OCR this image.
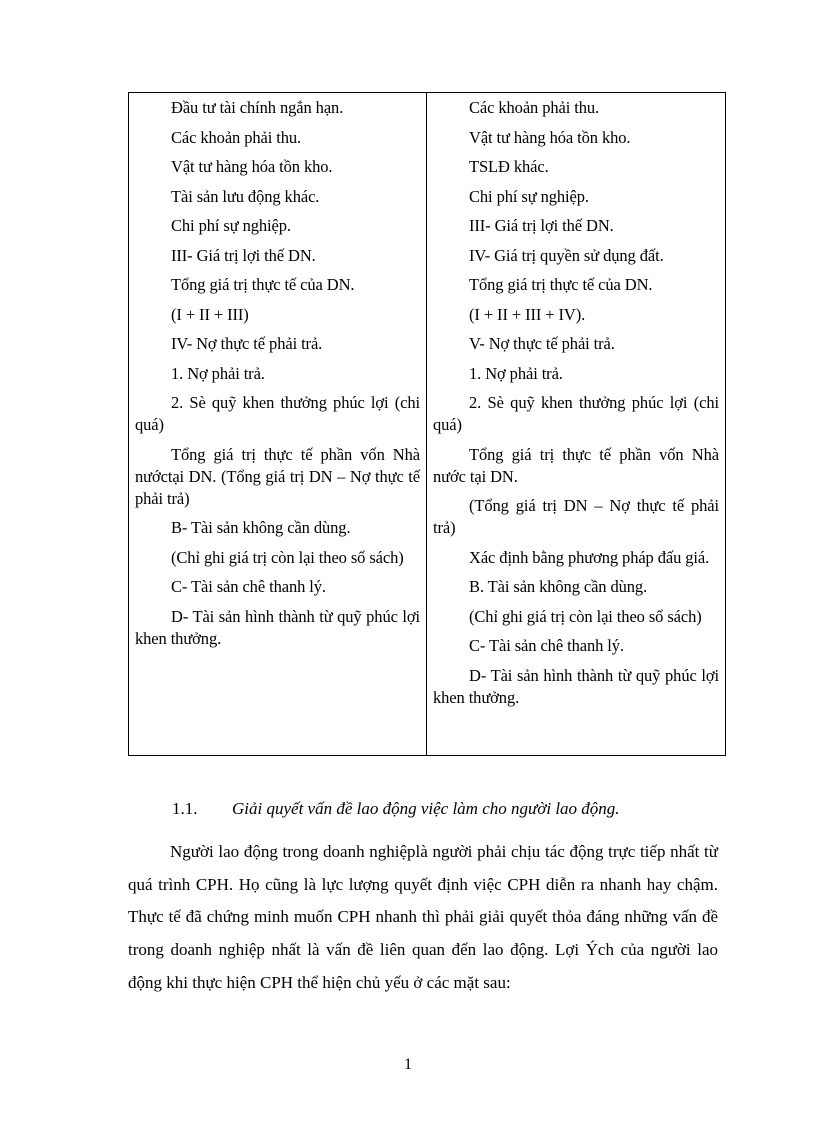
Đầu tư tài chính ngắn hạn.
Các khoản phải thu.
Vật tư hàng hóa tồn kho.
Tài sản lưu động khác.
Chi phí sự nghiệp.
III- Giá trị lợi thế DN.
Tổng giá trị thực tế của DN.
(I + II + III)
IV- Nợ thực tế phải trả.
1. Nợ phải trả.
2. Sè quỹ khen thưởng phúc lợi (chi quá)
Tổng giá trị thực tế phần vốn Nhà nướctại DN. (Tổng giá trị DN – Nợ thực tế phải trả)
B- Tài sản không cần dùng.
(Chỉ ghi giá trị còn lại theo sổ sách)
C- Tài sản chê thanh lý.
D- Tài sản hình thành từ quỹ phúc lợi khen thưởng.
Các khoản phải thu.
Vật tư hàng hóa tồn kho.
TSLĐ khác.
Chi phí sự nghiệp.
III- Giá trị lợi thế DN.
IV- Giá trị quyền sử dụng đất.
Tổng giá trị thực tế của DN.
(I + II + III + IV).
V- Nợ thực tế phải trả.
1. Nợ phải trả.
2. Sè quỹ khen thưởng phúc lợi (chi quá)
Tổng giá trị thực tế phần vốn Nhà nước tại DN.
(Tổng giá trị DN – Nợ thực tế phải trả)
Xác định bằng phương pháp đấu giá.
B. Tài sản không cần dùng.
(Chỉ ghi giá trị còn lại theo sổ sách)
C- Tài sản chê thanh lý.
D- Tài sản hình thành từ quỹ phúc lợi khen thưởng.
1.1. Giải quyết vấn đề lao động việc làm cho người lao động.
Người lao động trong doanh nghiệplà người phải chịu tác động trực tiếp nhất từ quá trình CPH. Họ cũng là lực lượng quyết định việc CPH diễn ra nhanh hay chậm. Thực tế đã chứng minh muốn CPH nhanh thì phải giải quyết thỏa đáng những vấn đề trong doanh nghiệp nhất là vấn đề liên quan đến lao động. Lợi Ých của người lao động khi thực hiện CPH thể hiện chủ yếu ở các mặt sau:
1
